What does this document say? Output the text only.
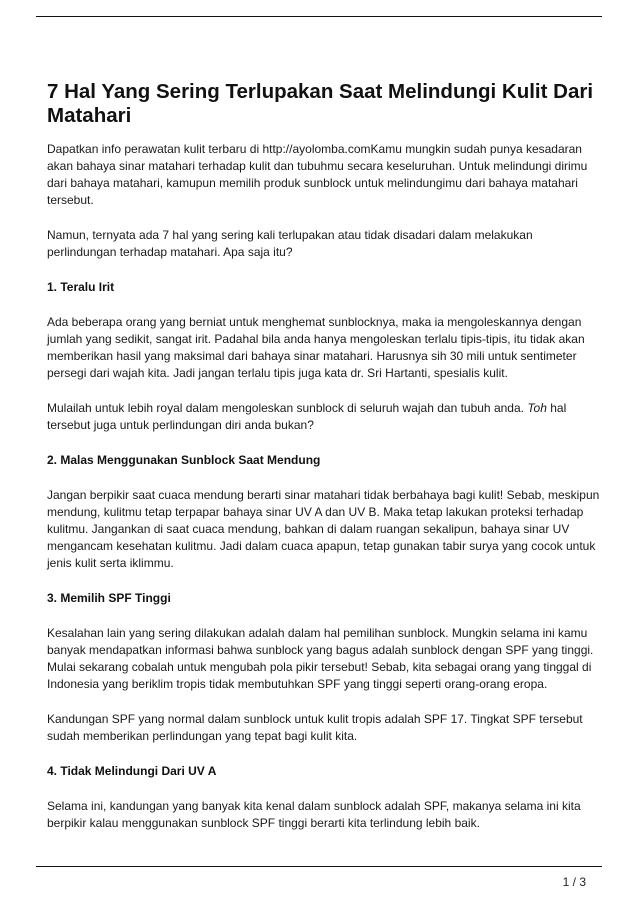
7 Hal Yang Sering Terlupakan Saat Melindungi Kulit Dari Matahari

Dapatkan info perawatan kulit terbaru di http://ayolomba.comKamu mungkin sudah punya kesadaran akan bahaya sinar matahari terhadap kulit dan tubuhmu secara keseluruhan. Untuk melindungi dirimu dari bahaya matahari, kamupun memilih produk sunblock untuk melindungimu dari bahaya matahari tersebut.

Namun, ternyata ada 7 hal yang sering kali terlupakan atau tidak disadari dalam melakukan perlindungan terhadap matahari. Apa saja itu?

1. Teralu Irit

Ada beberapa orang yang berniat untuk menghemat sunblocknya, maka ia mengoleskannya dengan jumlah yang sedikit, sangat irit. Padahal bila anda hanya mengoleskan terlalu tipis-tipis, itu tidak akan memberikan hasil yang maksimal dari bahaya sinar matahari. Harusnya sih 30 mili untuk sentimeter persegi dari wajah kita. Jadi jangan terlalu tipis juga kata dr. Sri Hartanti, spesialis kulit.

Mulailah untuk lebih royal dalam mengoleskan sunblock di seluruh wajah dan tubuh anda. Toh hal tersebut juga untuk perlindungan diri anda bukan?

2. Malas Menggunakan Sunblock Saat Mendung

Jangan berpikir saat cuaca mendung berarti sinar matahari tidak berbahaya bagi kulit! Sebab, meskipun mendung, kulitmu tetap terpapar bahaya sinar UV A dan UV B. Maka tetap lakukan proteksi terhadap kulitmu. Jangankan di saat cuaca mendung, bahkan di dalam ruangan sekalipun, bahaya sinar UV mengancam kesehatan kulitmu. Jadi dalam cuaca apapun, tetap gunakan tabir surya yang cocok untuk jenis kulit serta iklimmu.

3. Memilih SPF Tinggi

Kesalahan lain yang sering dilakukan adalah dalam hal pemilihan sunblock. Mungkin selama ini kamu banyak mendapatkan informasi bahwa sunblock yang bagus adalah sunblock dengan SPF yang tinggi. Mulai sekarang cobalah untuk mengubah pola pikir tersebut! Sebab, kita sebagai orang yang tinggal di Indonesia yang beriklim tropis tidak membutuhkan SPF yang tinggi seperti orang-orang eropa.

Kandungan SPF yang normal dalam sunblock untuk kulit tropis adalah SPF 17. Tingkat SPF tersebut sudah memberikan perlindungan yang tepat bagi kulit kita.

4. Tidak Melindungi Dari UV A

Selama ini, kandungan yang banyak kita kenal dalam sunblock adalah SPF, makanya selama ini kita berpikir kalau menggunakan sunblock SPF tinggi berarti kita terlindung lebih baik.

1 / 3
